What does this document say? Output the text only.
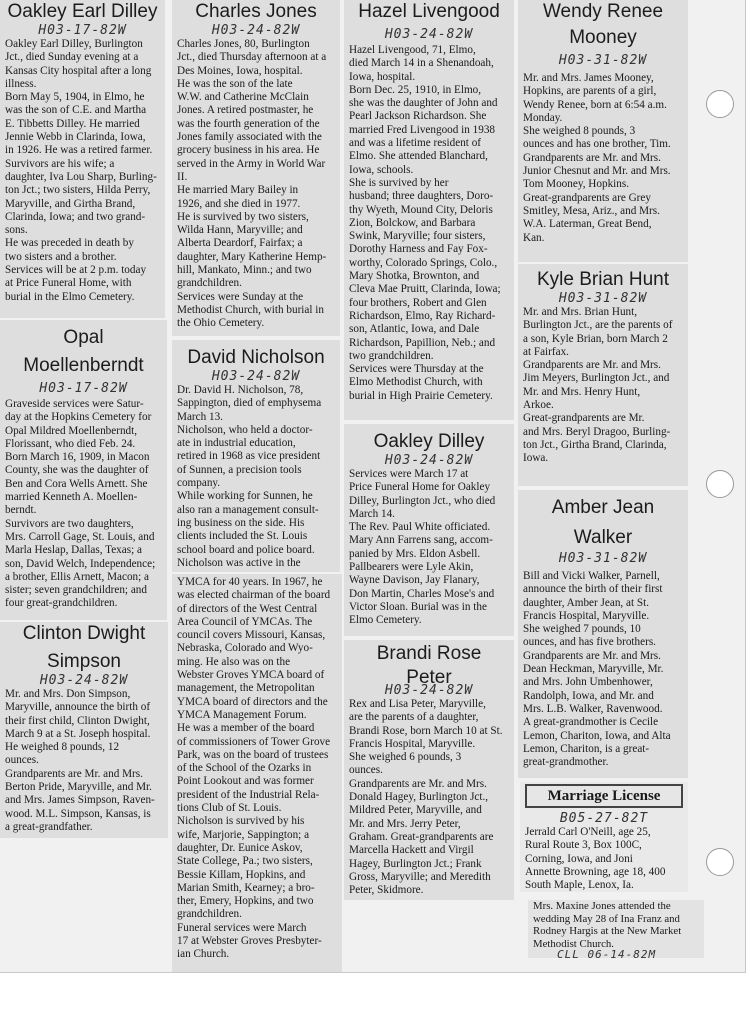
Oakley Earl Dilley
H03-17-82W
Oakley Earl Dilley, Burlington
Jct., died Sunday evening at a
Kansas City hospital after a long
illness.
Born May 5, 1904, in Elmo, he
was the son of C.E. and Martha
E. Tibbetts Dilley. He married
Jennie Webb in Clarinda, Iowa,
in 1926. He was a retired farmer.
Survivors are his wife; a
daughter, Iva Lou Sharp, Burling-
ton Jct.; two sisters, Hilda Perry,
Maryville, and Girtha Brand,
Clarinda, Iowa; and two grand-
sons.
He was preceded in death by
two sisters and a brother.
Services will be at 2 p.m. today
at Price Funeral Home, with
burial in the Elmo Cemetery.
Opal
Moellenberndt
H03-17-82W
Graveside services were Satur-
day at the Hopkins Cemetery for
Opal Mildred Moellenberndt,
Florissant, who died Feb. 24.
Born March 16, 1909, in Macon
County, she was the daughter of
Ben and Cora Wells Arnett. She
married Kenneth A. Moellen-
berndt.
Survivors are two daughters,
Mrs. Carroll Gage, St. Louis, and
Marla Heslap, Dallas, Texas; a
son, David Welch, Independence;
a brother, Ellis Arnett, Macon; a
sister; seven grandchildren; and
four great-grandchildren.
Clinton Dwight
Simpson
H03-24-82W
Mr. and Mrs. Don Simpson,
Maryville, announce the birth of
their first child, Clinton Dwight,
March 9 at a St. Joseph hospital.
He weighed 8 pounds, 12
ounces.
Grandparents are Mr. and Mrs.
Berton Pride, Maryville, and Mr.
and Mrs. James Simpson, Raven-
wood. M.L. Simpson, Kansas, is
a great-grandfather.
Charles Jones
H03-24-82W
Charles Jones, 80, Burlington
Jct., died Thursday afternoon at a
Des Moines, Iowa, hospital.
He was the son of the late
W.W. and Catherine McClain
Jones. A retired postmaster, he
was the fourth generation of the
Jones family associated with the
grocery business in his area. He
served in the Army in World War
II.
He married Mary Bailey in
1926, and she died in 1977.
He is survived by two sisters,
Wilda Hann, Maryville; and
Alberta Deardorf, Fairfax; a
daughter, Mary Katherine Hemp-
hill, Mankato, Minn.; and two
grandchildren.
Services were Sunday at the
Methodist Church, with burial in
the Ohio Cemetery.
David Nicholson
H03-24-82W
Dr. David H. Nicholson, 78,
Sappington, died of emphysema
March 13.
Nicholson, who held a doctor-
ate in industrial education,
retired in 1968 as vice president
of Sunnen, a precision tools
company.
While working for Sunnen, he
also ran a management consult-
ing business on the side. His
clients included the St. Louis
school board and police board.
Nicholson was active in the
YMCA for 40 years. In 1967, he
was elected chairman of the board
of directors of the West Central
Area Council of YMCAs. The
council covers Missouri, Kansas,
Nebraska, Colorado and Wyo-
ming. He also was on the
Webster Groves YMCA board of
management, the Metropolitan
YMCA board of directors and the
YMCA Management Forum.
He was a member of the board
of commissioners of Tower Grove
Park, was on the board of trustees
of the School of the Ozarks in
Point Lookout and was former
president of the Industrial Rela-
tions Club of St. Louis.
Nicholson is survived by his
wife, Marjorie, Sappington; a
daughter, Dr. Eunice Askov,
State College, Pa.; two sisters,
Bessie Killam, Hopkins, and
Marian Smith, Kearney; a bro-
ther, Emery, Hopkins, and two
grandchildren.
Funeral services were March
17 at Webster Groves Presbyter-
ian Church.
Hazel Livengood
H03-24-82W
Hazel Livengood, 71, Elmo,
died March 14 in a Shenandoah,
Iowa, hospital.
Born Dec. 25, 1910, in Elmo,
she was the daughter of John and
Pearl Jackson Richardson. She
married Fred Livengood in 1938
and was a lifetime resident of
Elmo. She attended Blanchard,
Iowa, schools.
She is survived by her
husband; three daughters, Doro-
thy Wyeth, Mound City, Deloris
Zion, Bolckow, and Barbara
Swink, Maryville; four sisters,
Dorothy Harness and Fay Fox-
worthy, Colorado Springs, Colo.,
Mary Shotka, Brownton, and
Cleva Mae Pruitt, Clarinda, Iowa;
four brothers, Robert and Glen
Richardson, Elmo, Ray Richard-
son, Atlantic, Iowa, and Dale
Richardson, Papillion, Neb.; and
two grandchildren.
Services were Thursday at the
Elmo Methodist Church, with
burial in High Prairie Cemetery.
Oakley Dilley
H03-24-82W
Services were March 17 at
Price Funeral Home for Oakley
Dilley, Burlington Jct., who died
March 14.
The Rev. Paul White officiated.
Mary Ann Farrens sang, accom-
panied by Mrs. Eldon Asbell.
Pallbearers were Lyle Akin,
Wayne Davison, Jay Flanary,
Don Martin, Charles Mose's and
Victor Sloan. Burial was in the
Elmo Cemetery.
Brandi Rose
Peter
H03-24-82W
Rex and Lisa Peter, Maryville,
are the parents of a daughter,
Brandi Rose, born March 10 at St.
Francis Hospital, Maryville.
She weighed 6 pounds, 3
ounces.
Grandparents are Mr. and Mrs.
Donald Hagey, Burlington Jct.,
Mildred Peter, Maryville, and
Mr. and Mrs. Jerry Peter,
Graham. Great-grandparents are
Marcella Hackett and Virgil
Hagey, Burlington Jct.; Frank
Gross, Maryville; and Meredith
Peter, Skidmore.
Wendy Renee
Mooney
H03-31-82W
Mr. and Mrs. James Mooney,
Hopkins, are parents of a girl,
Wendy Renee, born at 6:54 a.m.
Monday.
She weighed 8 pounds, 3
ounces and has one brother, Tim.
Grandparents are Mr. and Mrs.
Junior Chesnut and Mr. and Mrs.
Tom Mooney, Hopkins.
Great-grandparents are Grey
Smitley, Mesa, Ariz., and Mrs.
W.A. Laterman, Great Bend,
Kan.
Kyle Brian Hunt
H03-31-82W
Mr. and Mrs. Brian Hunt,
Burlington Jct., are the parents of
a son, Kyle Brian, born March 2
at Fairfax.
Grandparents are Mr. and Mrs.
Jim Meyers, Burlington Jct., and
Mr. and Mrs. Henry Hunt,
Arkoe.
Great-grandparents are Mr.
and Mrs. Beryl Dragoo, Burling-
ton Jct., Girtha Brand, Clarinda,
Iowa.
Amber Jean
Walker
H03-31-82W
Bill and Vicki Walker, Parnell,
announce the birth of their first
daughter, Amber Jean, at St.
Francis Hospital, Maryville.
She weighed 7 pounds, 10
ounces, and has five brothers.
Grandparents are Mr. and Mrs.
Dean Heckman, Maryville, Mr.
and Mrs. John Umbenhower,
Randolph, Iowa, and Mr. and
Mrs. L.B. Walker, Ravenwood.
A great-grandmother is Cecile
Lemon, Chariton, Iowa, and Alta
Lemon, Chariton, is a great-
great-grandmother.
Marriage License
B05-27-82T
Jerrald Carl O'Neill, age 25,
Rural Route 3, Box 100C,
Corning, Iowa, and Joni
Annette Browning, age 18, 400
South Maple, Lenox, Ia.
Mrs. Maxine Jones attended the
wedding May 28 of Ina Franz and
Rodney Hargis at the New Market
Methodist Church.
CLL 06-14-82M
